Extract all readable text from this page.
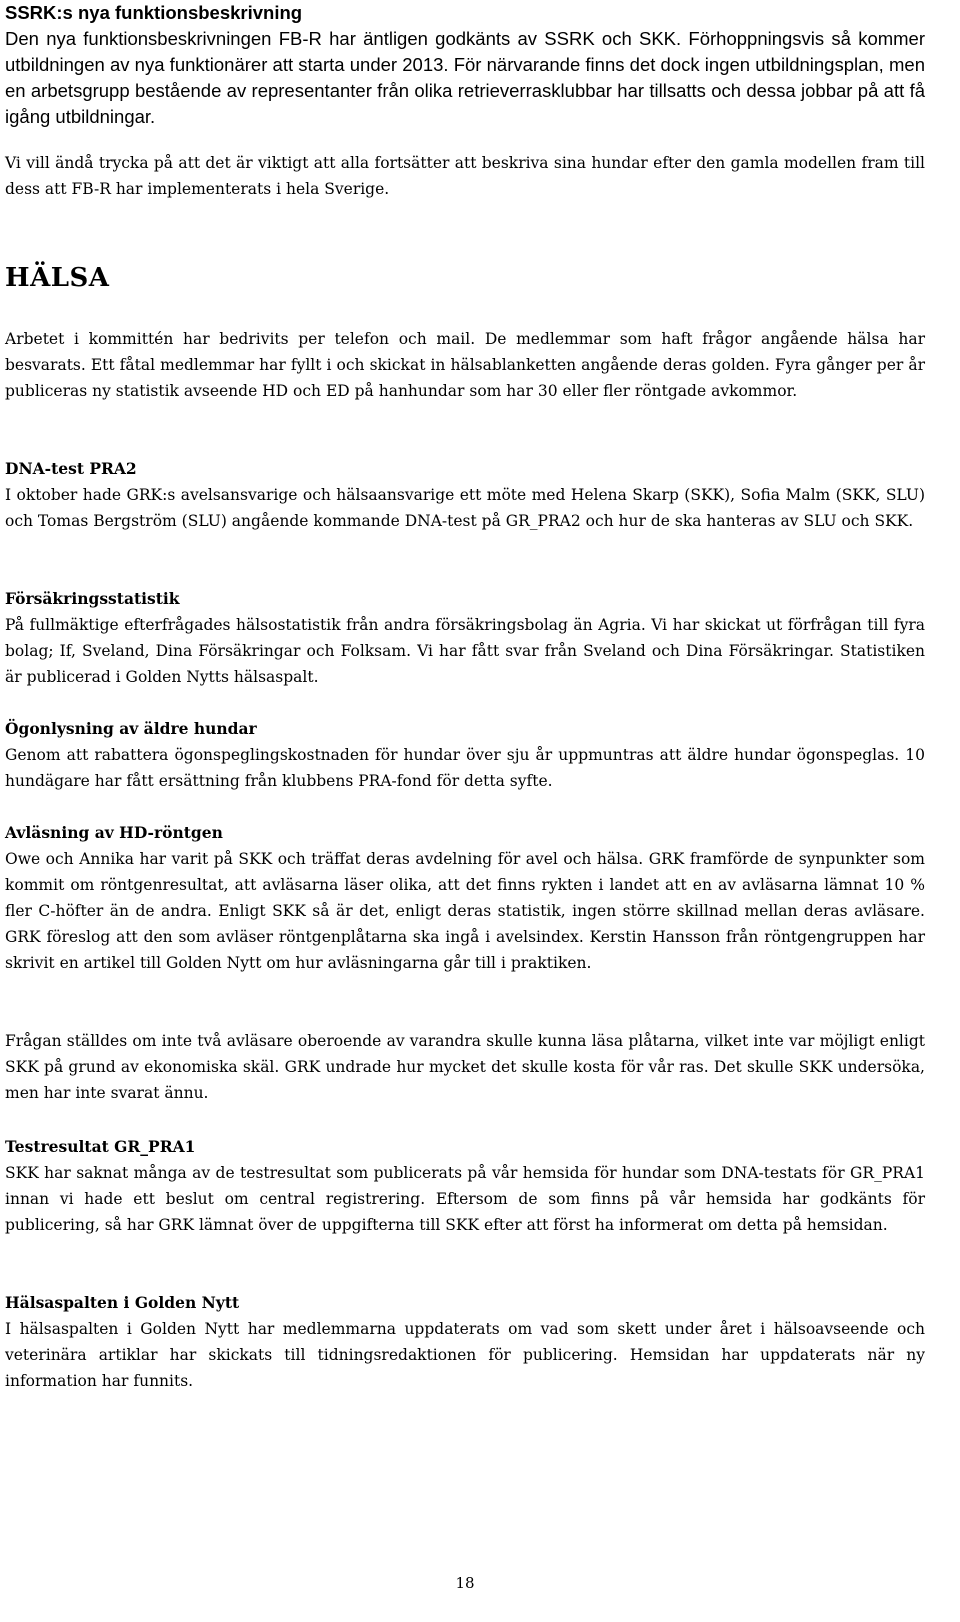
SSRK:s nya funktionsbeskrivning

Den nya funktionsbeskrivningen FB-R har äntligen godkänts av SSRK och SKK. Förhoppningsvis så kommer utbildningen av nya funktionärer att starta under 2013. För närvarande finns det dock ingen utbildningsplan, men en arbetsgrupp bestående av representanter från olika retrieverrasklubbar har tillsatts och dessa jobbar på att få igång utbildningar.

Vi vill ändå trycka på att det är viktigt att alla fortsätter att beskriva sina hundar efter den gamla modellen fram till dess att FB-R har implementerats i hela Sverige.

HÄLSA

Arbetet i kommittén har bedrivits per telefon och mail. De medlemmar som haft frågor angående hälsa har besvarats. Ett fåtal medlemmar har fyllt i och skickat in hälsablanketten angående deras golden. Fyra gånger per år publiceras ny statistik avseende HD och ED på hanhundar som har 30 eller fler röntgade avkommor.

DNA-test PRA2

I oktober hade GRK:s avelsansvarige och hälsaansvarige ett möte med Helena Skarp (SKK), Sofia Malm (SKK, SLU) och Tomas Bergström (SLU) angående kommande DNA-test på GR_PRA2 och hur de ska hanteras av SLU och SKK.

Försäkringsstatistik

På fullmäktige efterfrågades hälsostatistik från andra försäkringsbolag än Agria. Vi har skickat ut förfrågan till fyra bolag; If, Sveland, Dina Försäkringar och Folksam. Vi har fått svar från Sveland och Dina Försäkringar. Statistiken är publicerad i Golden Nytts hälsaspalt.

Ögonlysning av äldre hundar

Genom att rabattera ögonspeglingskostnaden för hundar över sju år uppmuntras att äldre hundar ögonspeglas. 10 hundägare har fått ersättning från klubbens PRA-fond för detta syfte.

Avläsning av HD-röntgen

Owe och Annika har varit på SKK och träffat deras avdelning för avel och hälsa. GRK framförde de synpunkter som kommit om röntgenresultat, att avläsarna läser olika, att det finns rykten i landet att en av avläsarna lämnat 10 % fler C-höfter än de andra. Enligt SKK så är det, enligt deras statistik, ingen större skillnad mellan deras avläsare. GRK föreslog att den som avläser röntgenplåtarna ska ingå i avelsindex. Kerstin Hansson från röntgengruppen har skrivit en artikel till Golden Nytt om hur avläsningarna går till i praktiken.

Frågan ställdes om inte två avläsare oberoende av varandra skulle kunna läsa plåtarna, vilket inte var möjligt enligt SKK på grund av ekonomiska skäl. GRK undrade hur mycket det skulle kosta för vår ras. Det skulle SKK undersöka, men har inte svarat ännu.

Testresultat GR_PRA1

SKK har saknat många av de testresultat som publicerats på vår hemsida för hundar som DNA-testats för GR_PRA1 innan vi hade ett beslut om central registrering. Eftersom de som finns på vår hemsida har godkänts för publicering, så har GRK lämnat över de uppgifterna till SKK efter att först ha informerat om detta på hemsidan.

Hälsaspalten i Golden Nytt

I hälsaspalten i Golden Nytt har medlemmarna uppdaterats om vad som skett under året i hälsoavseende och veterinära artiklar har skickats till tidningsredaktionen för publicering. Hemsidan har uppdaterats när ny information har funnits.

18
